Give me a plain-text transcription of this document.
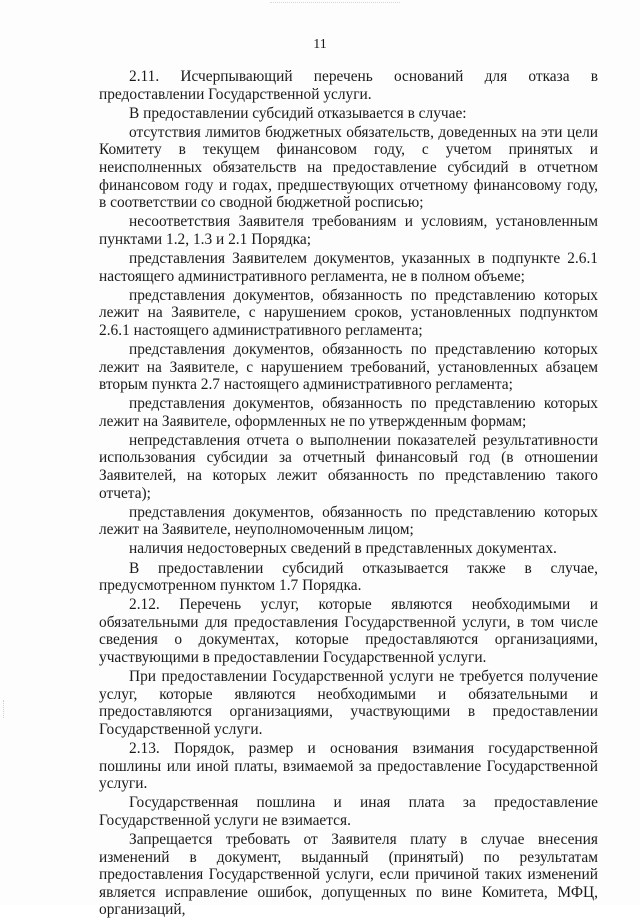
11

2.11. Исчерпывающий перечень оснований для отказа в предоставлении Государственной услуги.

В предоставлении субсидий отказывается в случае:

отсутствия лимитов бюджетных обязательств, доведенных на эти цели Комитету в текущем финансовом году, с учетом принятых и неисполненных обязательств на предоставление субсидий в отчетном финансовом году и годах, предшествующих отчетному финансовому году, в соответствии со сводной бюджетной росписью;

несоответствия Заявителя требованиям и условиям, установленным пунктами 1.2, 1.3 и 2.1 Порядка;

представления Заявителем документов, указанных в подпункте 2.6.1 настоящего административного регламента, не в полном объеме;

представления документов, обязанность по представлению которых лежит на Заявителе, с нарушением сроков, установленных подпунктом 2.6.1 настоящего административного регламента;

представления документов, обязанность по представлению которых лежит на Заявителе, с нарушением требований, установленных абзацем вторым пункта 2.7 настоящего административного регламента;

представления документов, обязанность по представлению которых лежит на Заявителе, оформленных не по утвержденным формам;

непредставления отчета о выполнении показателей результативности использования субсидии за отчетный финансовый год (в отношении Заявителей, на которых лежит обязанность по представлению такого отчета);

представления документов, обязанность по представлению которых лежит на Заявителе, неуполномоченным лицом;

наличия недостоверных сведений в представленных документах.

В предоставлении субсидий отказывается также в случае, предусмотренном пунктом 1.7 Порядка.

2.12. Перечень услуг, которые являются необходимыми и обязательными для предоставления Государственной услуги, в том числе сведения о документах, которые предоставляются организациями, участвующими в предоставлении Государственной услуги.

При предоставлении Государственной услуги не требуется получение услуг, которые являются необходимыми и обязательными и предоставляются организациями, участвующими в предоставлении Государственной услуги.

2.13. Порядок, размер и основания взимания государственной пошлины или иной платы, взимаемой за предоставление Государственной услуги.

Государственная пошлина и иная плата за предоставление Государственной услуги не взимается.

Запрещается требовать от Заявителя плату в случае внесения изменений в документ, выданный (принятый) по результатам предоставления Государственной услуги, если причиной таких изменений является исправление ошибок, допущенных по вине Комитета, МФЦ, организаций,
